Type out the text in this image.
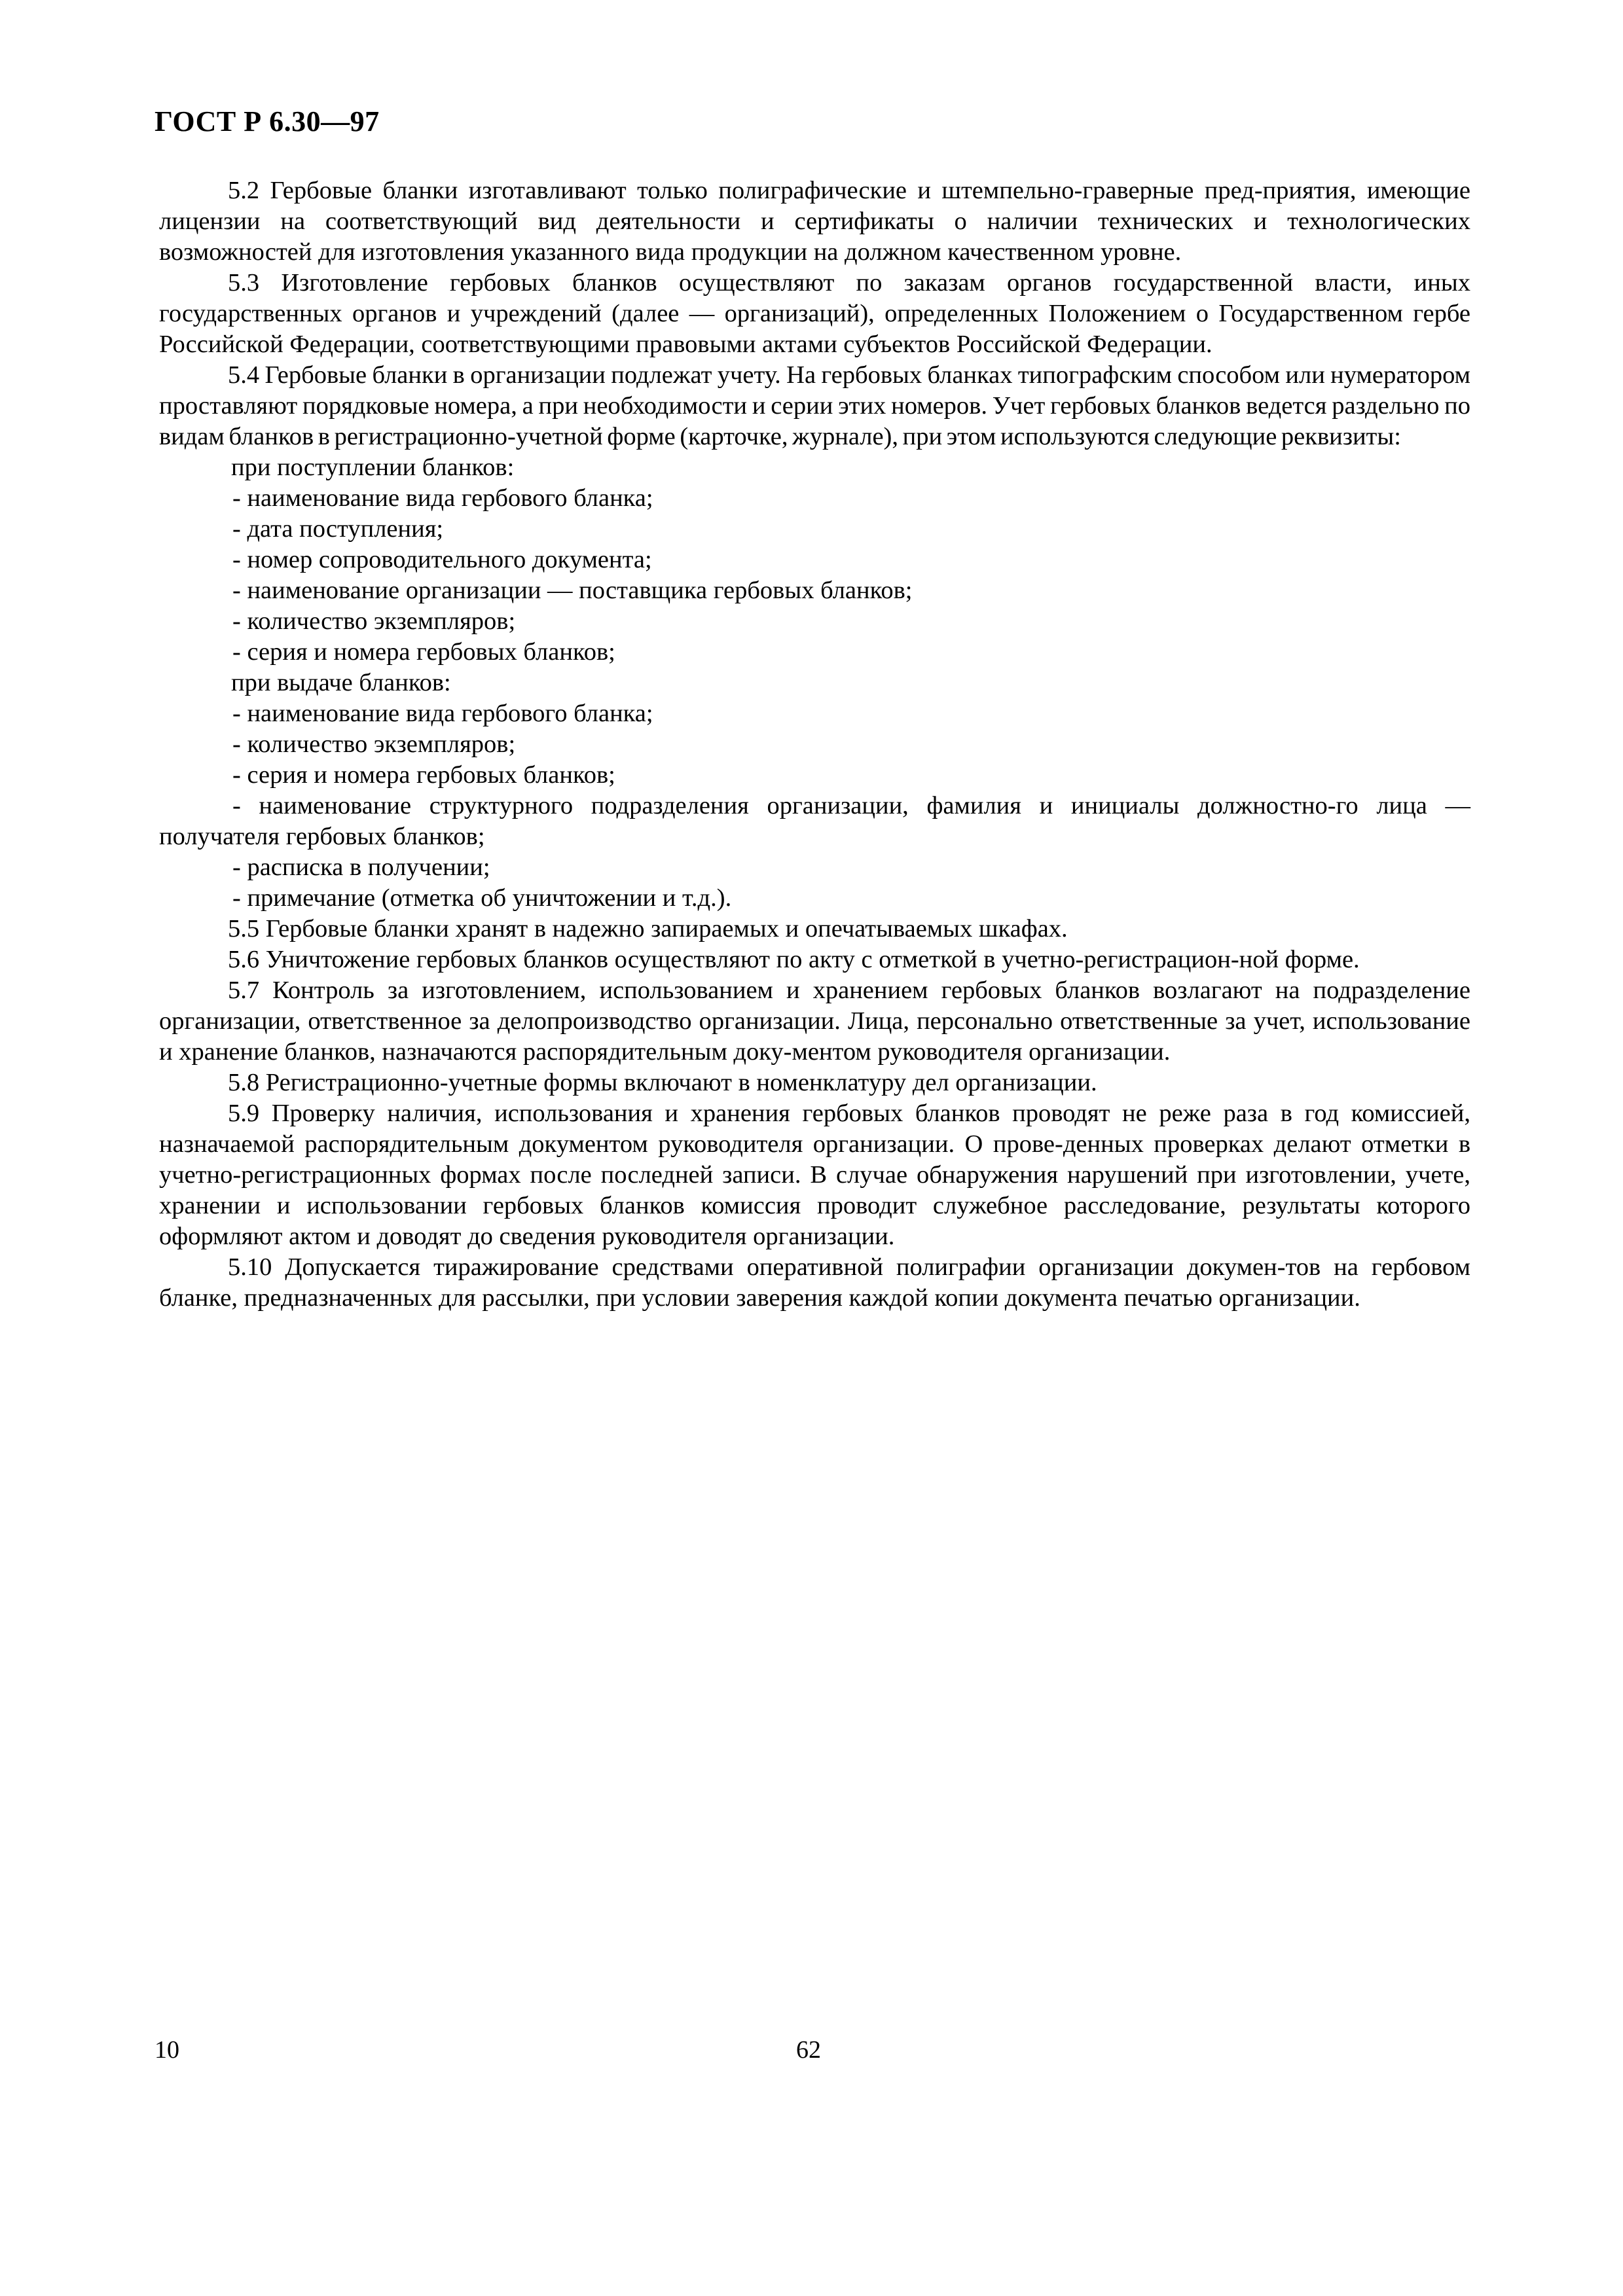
ГОСТ Р 6.30—97

5.2 Гербовые бланки изготавливают только полиграфические и штемпельно-граверные пред-приятия, имеющие лицензии на соответствующий вид деятельности и сертификаты о наличии технических и технологических возможностей для изготовления указанного вида продукции на должном качественном уровне.

5.3 Изготовление гербовых бланков осуществляют по заказам органов государственной власти, иных государственных органов и учреждений (далее — организаций), определенных Положением о Государственном гербе Российской Федерации, соответствующими правовыми актами субъектов Российской Федерации.

5.4 Гербовые бланки в организации подлежат учету. На гербовых бланках типографским способом или нумератором проставляют порядковые номера, а при необходимости и серии этих номеров. Учет гербовых бланков ведется раздельно по видам бланков в регистрационно-учетной форме (карточке, журнале), при этом используются следующие реквизиты:

при поступлении бланков:

- наименование вида гербового бланка;

- дата поступления;

- номер сопроводительного документа;

- наименование организации — поставщика гербовых бланков;

- количество экземпляров;

- серия и номера гербовых бланков;

при выдаче бланков:

- наименование вида гербового бланка;

- количество экземпляров;

- серия и номера гербовых бланков;

- наименование структурного подразделения организации, фамилия и инициалы должностно-го лица — получателя гербовых бланков;

- расписка в получении;

- примечание (отметка об уничтожении и т.д.).

5.5 Гербовые бланки хранят в надежно запираемых и опечатываемых шкафах.

5.6 Уничтожение гербовых бланков осуществляют по акту с отметкой в учетно-регистрацион-ной форме.

5.7 Контроль за изготовлением, использованием и хранением гербовых бланков возлагают на подразделение организации, ответственное за делопроизводство организации. Лица, персонально ответственные за учет, использование и хранение бланков, назначаются распорядительным доку-ментом руководителя организации.

5.8 Регистрационно-учетные формы включают в номенклатуру дел организации.

5.9 Проверку наличия, использования и хранения гербовых бланков проводят не реже раза в год комиссией, назначаемой распорядительным документом руководителя организации. О прове-денных проверках делают отметки в учетно-регистрационных формах после последней записи. В случае обнаружения нарушений при изготовлении, учете, хранении и использовании гербовых бланков комиссия проводит служебное расследование, результаты которого оформляют актом и доводят до сведения руководителя организации.

5.10 Допускается тиражирование средствами оперативной полиграфии организации докумен-тов на гербовом бланке, предназначенных для рассылки, при условии заверения каждой копии документа печатью организации.

10	62
